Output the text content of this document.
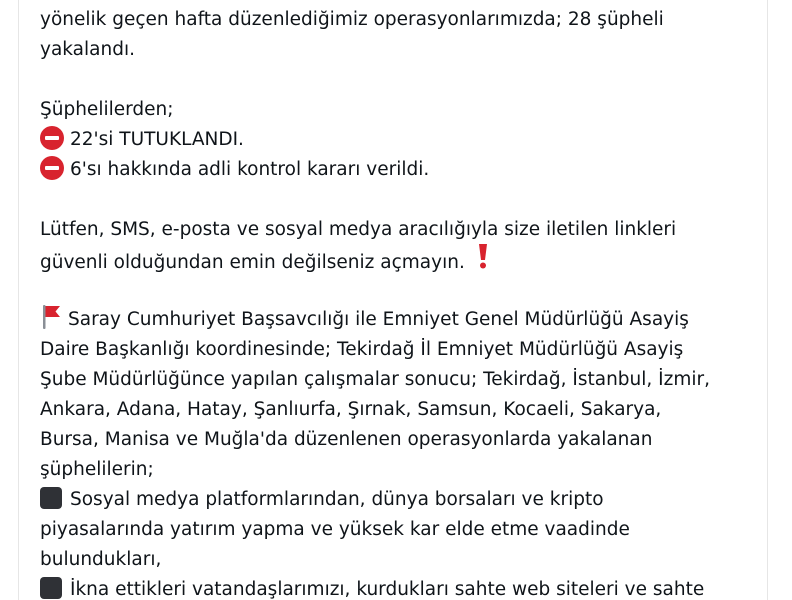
yönelik geçen hafta düzenlediğimiz operasyonlarımızda; 28 şüpheli
yakalandı.
Şüphelilerden;
22'si TUTUKLANDI.
6'sı hakkında adli kontrol kararı verildi.
Lütfen, SMS, e-posta ve sosyal medya aracılığıyla size iletilen linkleri
güvenli olduğundan emin değilseniz açmayın.
Saray Cumhuriyet Başsavcılığı ile Emniyet Genel Müdürlüğü Asayiş
Daire Başkanlığı koordinesinde; Tekirdağ İl Emniyet Müdürlüğü Asayiş
Şube Müdürlüğünce yapılan çalışmalar sonucu; Tekirdağ, İstanbul, İzmir,
Ankara, Adana, Hatay, Şanlıurfa, Şırnak, Samsun, Kocaeli, Sakarya,
Bursa, Manisa ve Muğla'da düzenlenen operasyonlarda yakalanan
şüphelilerin;
Sosyal medya platformlarından, dünya borsaları ve kripto
piyasalarında yatırım yapma ve yüksek kar elde etme vaadinde
bulundukları,
İkna ettikleri vatandaşlarımızı, kurdukları sahte web siteleri ve sahte
